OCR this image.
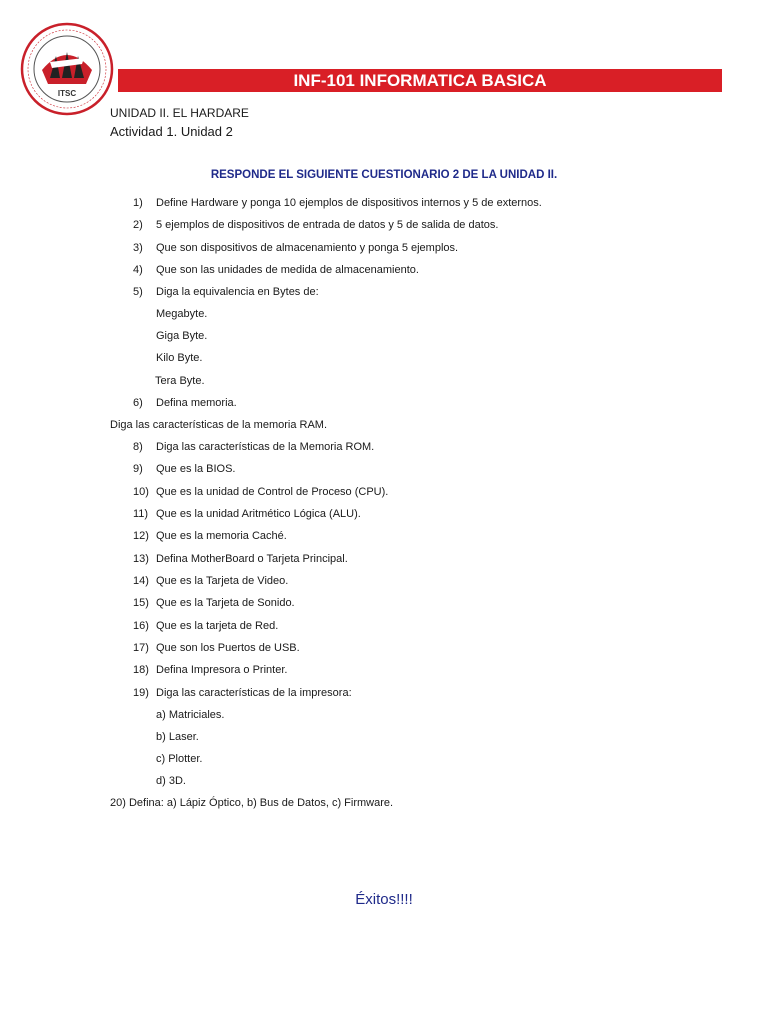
ITSC
INF-101 INFORMATICA BASICA
UNIDAD II. EL HARDARE
Actividad 1. Unidad 2
RESPONDE EL SIGUIENTE CUESTIONARIO 2 DE LA UNIDAD II.
1) Define Hardware y ponga 10 ejemplos de dispositivos internos y 5 de externos.
2) 5 ejemplos de dispositivos de entrada de datos y 5 de salida de datos.
3) Que son dispositivos de almacenamiento y ponga 5 ejemplos.
4) Que son las unidades de medida de almacenamiento.
5) Diga la equivalencia en Bytes de:
Megabyte.
Giga Byte.
Kilo Byte.
Tera Byte.
6) Defina memoria.
Diga las características de la memoria RAM.
8) Diga las características de la Memoria ROM.
9) Que es la BIOS.
10) Que es la unidad de Control de Proceso (CPU).
11) Que es la unidad Aritmético Lógica (ALU).
12) Que es la memoria Caché.
13) Defina MotherBoard o Tarjeta Principal.
14) Que es la Tarjeta de Video.
15) Que es la Tarjeta de Sonido.
16) Que es la tarjeta de Red.
17) Que son los Puertos de USB.
18) Defina Impresora o Printer.
19) Diga las características de la impresora:
a) Matriciales.
b) Laser.
c) Plotter.
d) 3D.
20) Defina: a) Lápiz Óptico, b) Bus de Datos, c) Firmware.
Éxitos!!!!
